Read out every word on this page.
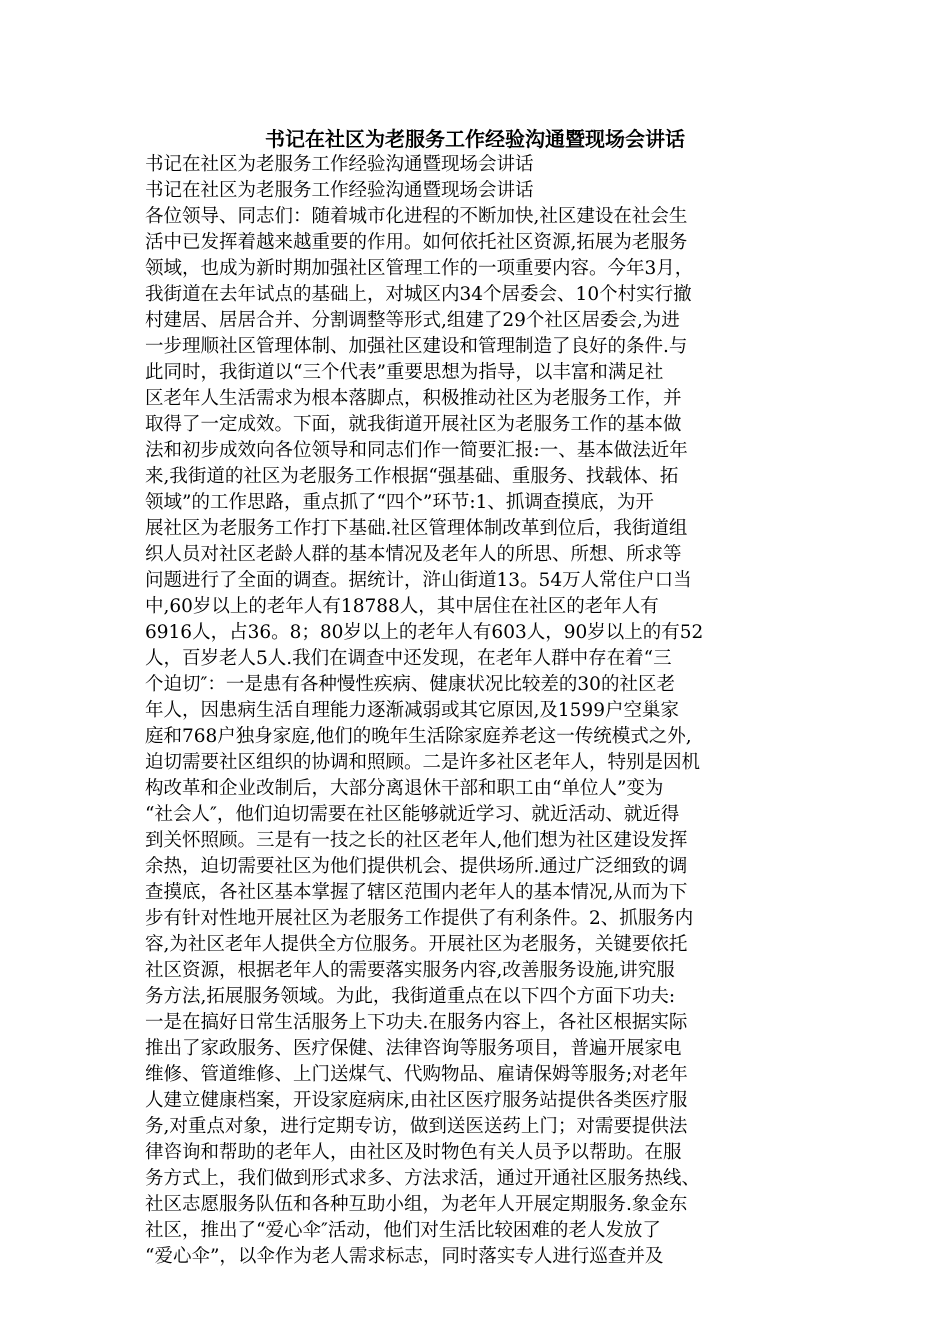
书记在社区为老服务工作经验沟通暨现场会讲话
书记在社区为老服务工作经验沟通暨现场会讲话
书记在社区为老服务工作经验沟通暨现场会讲话
各位领导、同志们：随着城市化进程的不断加快,社区建设在社会生
活中已发挥着越来越重要的作用。如何依托社区资源,拓展为老服务
领域，也成为新时期加强社区管理工作的一项重要内容。今年3月，
我街道在去年试点的基础上，对城区内34个居委会、10个村实行撤
村建居、居居合并、分割调整等形式,组建了29个社区居委会,为进
一步理顺社区管理体制、加强社区建设和管理制造了良好的条件.与
此同时，我街道以“三个代表”重要思想为指导，以丰富和满足社
区老年人生活需求为根本落脚点，积极推动社区为老服务工作，并
取得了一定成效。下面，就我街道开展社区为老服务工作的基本做
法和初步成效向各位领导和同志们作一简要汇报:一、基本做法近年
来,我街道的社区为老服务工作根据“强基础、重服务、找载体、拓
领域”的工作思路，重点抓了“四个”环节:1、抓调查摸底，为开
展社区为老服务工作打下基础.社区管理体制改革到位后，我街道组
织人员对社区老龄人群的基本情况及老年人的所思、所想、所求等
问题进行了全面的调查。据统计，浒山街道13。54万人常住户口当
中,60岁以上的老年人有18788人，其中居住在社区的老年人有
6916人，占36。8；80岁以上的老年人有603人，90岁以上的有52
人，百岁老人5人.我们在调查中还发现，在老年人群中存在着“三
个迫切″：一是患有各种慢性疾病、健康状况比较差的30的社区老
年人，因患病生活自理能力逐渐减弱或其它原因,及1599户空巢家
庭和768户独身家庭,他们的晚年生活除家庭养老这一传统模式之外,
迫切需要社区组织的协调和照顾。二是许多社区老年人，特别是因机
构改革和企业改制后，大部分离退休干部和职工由“单位人”变为
“社会人″，他们迫切需要在社区能够就近学习、就近活动、就近得
到关怀照顾。三是有一技之长的社区老年人,他们想为社区建设发挥
余热，迫切需要社区为他们提供机会、提供场所.通过广泛细致的调
查摸底，各社区基本掌握了辖区范围内老年人的基本情况,从而为下
步有针对性地开展社区为老服务工作提供了有利条件。2、抓服务内
容,为社区老年人提供全方位服务。开展社区为老服务，关键要依托
社区资源，根据老年人的需要落实服务内容,改善服务设施,讲究服
务方法,拓展服务领域。为此，我街道重点在以下四个方面下功夫:
一是在搞好日常生活服务上下功夫.在服务内容上，各社区根据实际
推出了家政服务、医疗保健、法律咨询等服务项目，普遍开展家电
维修、管道维修、上门送煤气、代购物品、雇请保姆等服务;对老年
人建立健康档案，开设家庭病床,由社区医疗服务站提供各类医疗服
务,对重点对象，进行定期专访，做到送医送药上门；对需要提供法
律咨询和帮助的老年人，由社区及时物色有关人员予以帮助。在服
务方式上，我们做到形式求多、方法求活，通过开通社区服务热线、
社区志愿服务队伍和各种互助小组，为老年人开展定期服务.象金东
社区，推出了“爱心伞″活动，他们对生活比较困难的老人发放了
“爱心伞”，以伞作为老人需求标志，同时落实专人进行巡查并及
